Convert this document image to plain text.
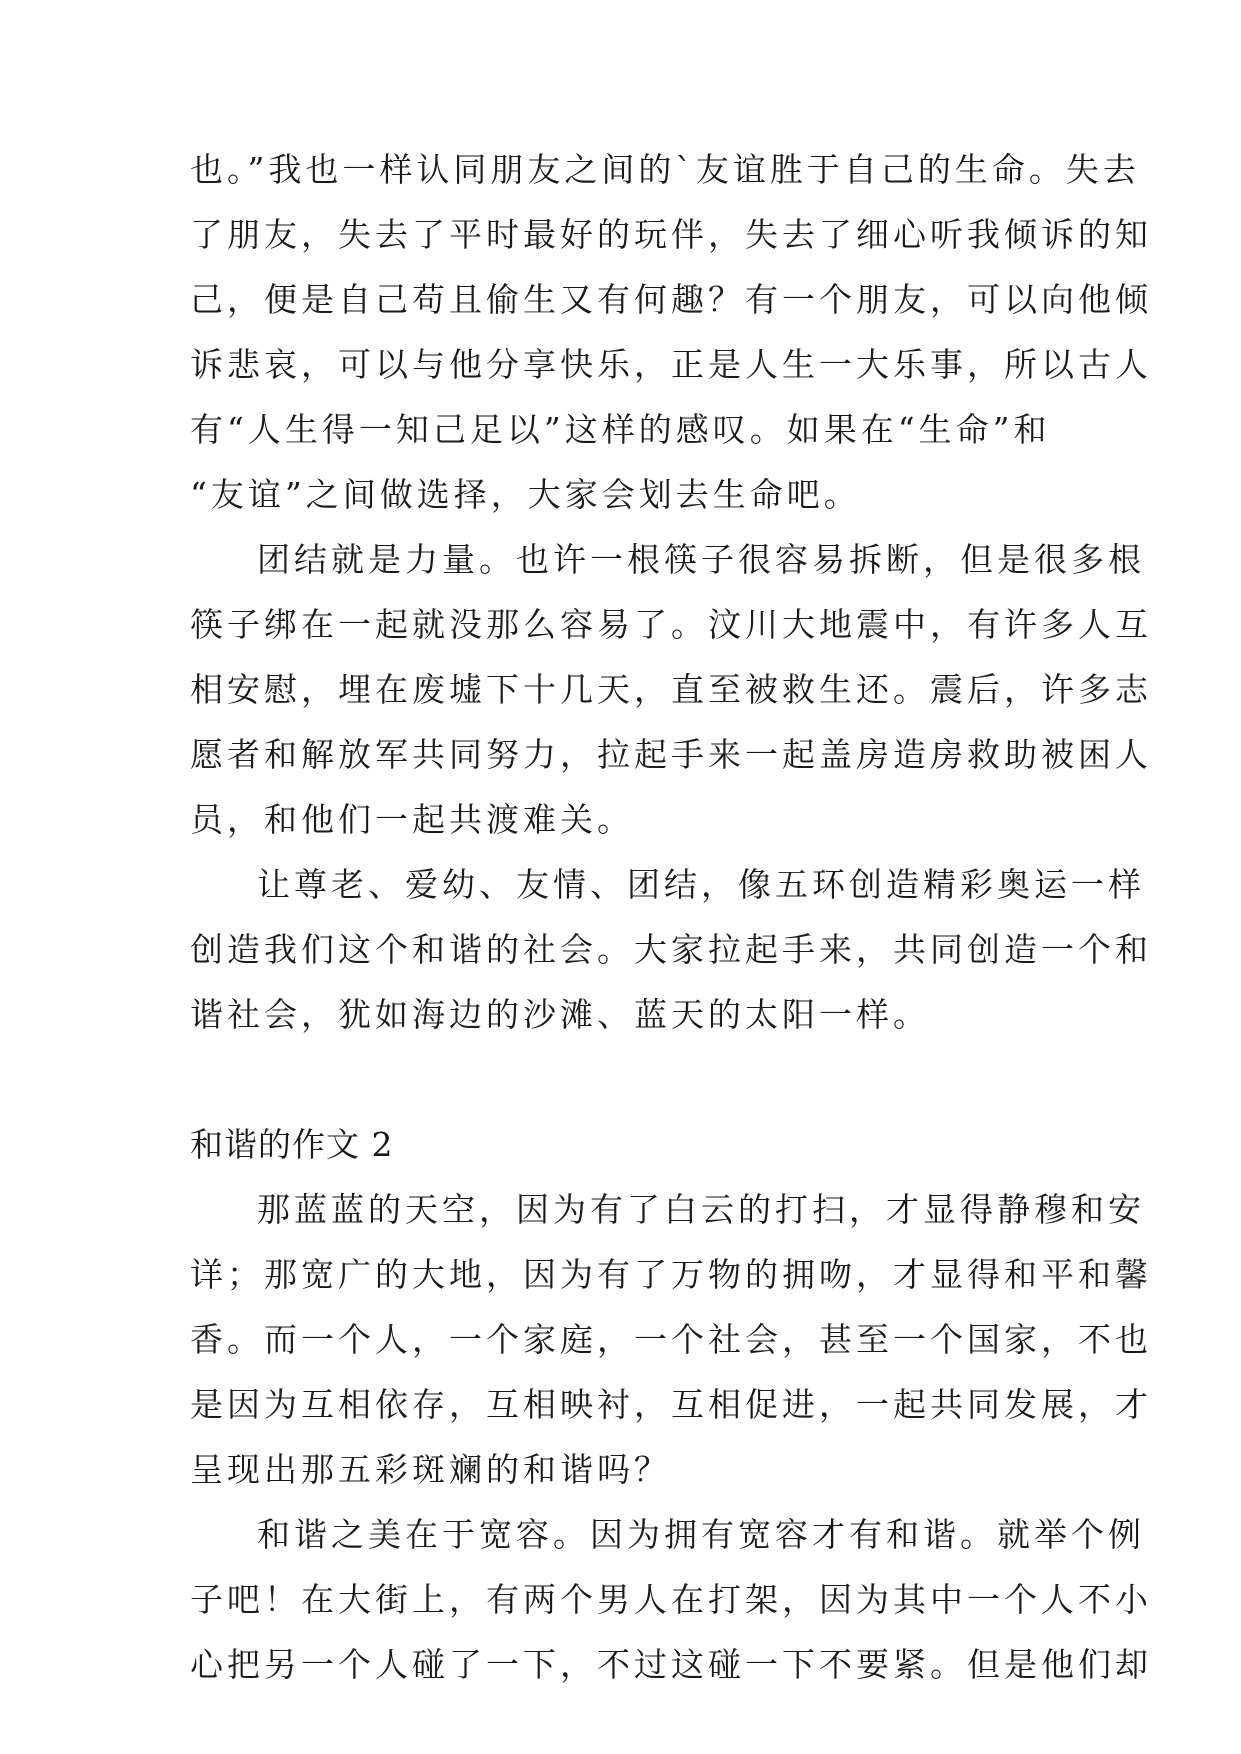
也。”我也一样认同朋友之间的`友谊胜于自己的生命。失去
了朋友，失去了平时最好的玩伴，失去了细心听我倾诉的知
己，便是自己苟且偷生又有何趣？有一个朋友，可以向他倾
诉悲哀，可以与他分享快乐，正是人生一大乐事，所以古人
有“人生得一知己足以”这样的感叹。如果在“生命”和
“友谊”之间做选择，大家会划去生命吧。
团结就是力量。也许一根筷子很容易拆断，但是很多根
筷子绑在一起就没那么容易了。汶川大地震中，有许多人互
相安慰，埋在废墟下十几天，直至被救生还。震后，许多志
愿者和解放军共同努力，拉起手来一起盖房造房救助被困人
员，和他们一起共渡难关。
让尊老、爱幼、友情、团结，像五环创造精彩奥运一样
创造我们这个和谐的社会。大家拉起手来，共同创造一个和
谐社会，犹如海边的沙滩、蓝天的太阳一样。
和谐的作文 2
那蓝蓝的天空，因为有了白云的打扫，才显得静穆和安
详；那宽广的大地，因为有了万物的拥吻，才显得和平和馨
香。而一个人，一个家庭，一个社会，甚至一个国家，不也
是因为互相依存，互相映衬，互相促进，一起共同发展，才
呈现出那五彩斑斓的和谐吗？
和谐之美在于宽容。因为拥有宽容才有和谐。就举个例
子吧！在大街上，有两个男人在打架，因为其中一个人不小
心把另一个人碰了一下，不过这碰一下不要紧。但是他们却
